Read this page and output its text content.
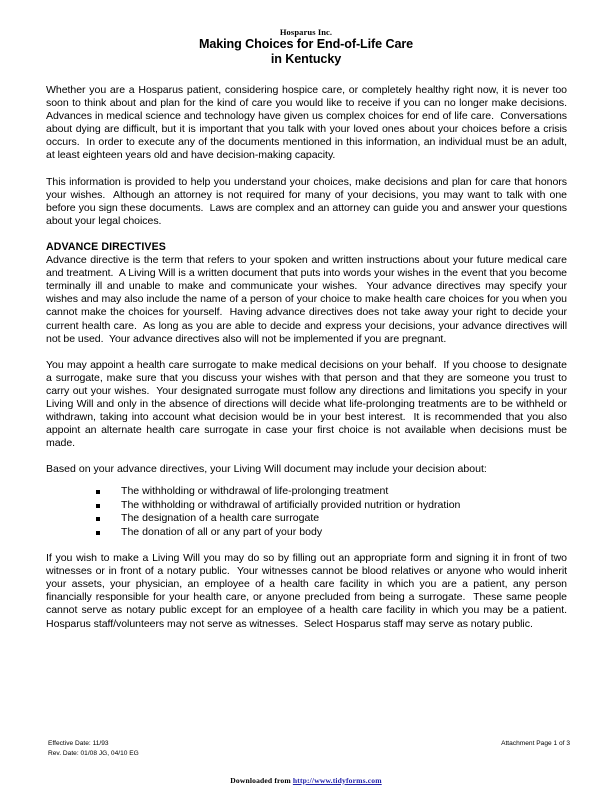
Hosparus Inc.
Making Choices for End-of-Life Care
in Kentucky

Whether you are a Hosparus patient, considering hospice care, or completely healthy right now, it is never too soon to think about and plan for the kind of care you would like to receive if you can no longer make decisions.  Advances in medical science and technology have given us complex choices for end of life care.  Conversations about dying are difficult, but it is important that you talk with your loved ones about your choices before a crisis occurs.  In order to execute any of the documents mentioned in this information, an individual must be an adult, at least eighteen years old and have decision-making capacity.

This information is provided to help you understand your choices, make decisions and plan for care that honors your wishes.  Although an attorney is not required for many of your decisions, you may want to talk with one before you sign these documents.  Laws are complex and an attorney can guide you and answer your questions about your legal choices.

ADVANCE DIRECTIVES

Advance directive is the term that refers to your spoken and written instructions about your future medical care and treatment.  A Living Will is a written document that puts into words your wishes in the event that you become terminally ill and unable to make and communicate your wishes.  Your advance directives may specify your wishes and may also include the name of a person of your choice to make health care choices for you when you cannot make the choices for yourself.  Having advance directives does not take away your right to decide your current health care.  As long as you are able to decide and express your decisions, your advance directives will not be used.  Your advance directives also will not be implemented if you are pregnant.

You may appoint a health care surrogate to make medical decisions on your behalf.  If you choose to designate a surrogate, make sure that you discuss your wishes with that person and that they are someone you trust to carry out your wishes.  Your designated surrogate must follow any directions and limitations you specify in your Living Will and only in the absence of directions will decide what life-prolonging treatments are to be withheld or withdrawn, taking into account what decision would be in your best interest.  It is recommended that you also appoint an alternate health care surrogate in case your first choice is not available when decisions must be made.

Based on your advance directives, your Living Will document may include your decision about:

The withholding or withdrawal of life-prolonging treatment
The withholding or withdrawal of artificially provided nutrition or hydration
The designation of a health care surrogate
The donation of all or any part of your body

If you wish to make a Living Will you may do so by filling out an appropriate form and signing it in front of two witnesses or in front of a notary public.  Your witnesses cannot be blood relatives or anyone who would inherit your assets, your physician, an employee of a health care facility in which you are a patient, any person financially responsible for your health care, or anyone precluded from being a surrogate.  These same people cannot serve as notary public except for an employee of a health care facility in which you may be a patient.  Hosparus staff/volunteers may not serve as witnesses.  Select Hosparus staff may serve as notary public.

Effective Date: 11/93
Rev. Date: 01/08 JG, 04/10 EG
Attachment Page 1 of 3
Downloaded from http://www.tidyforms.com
